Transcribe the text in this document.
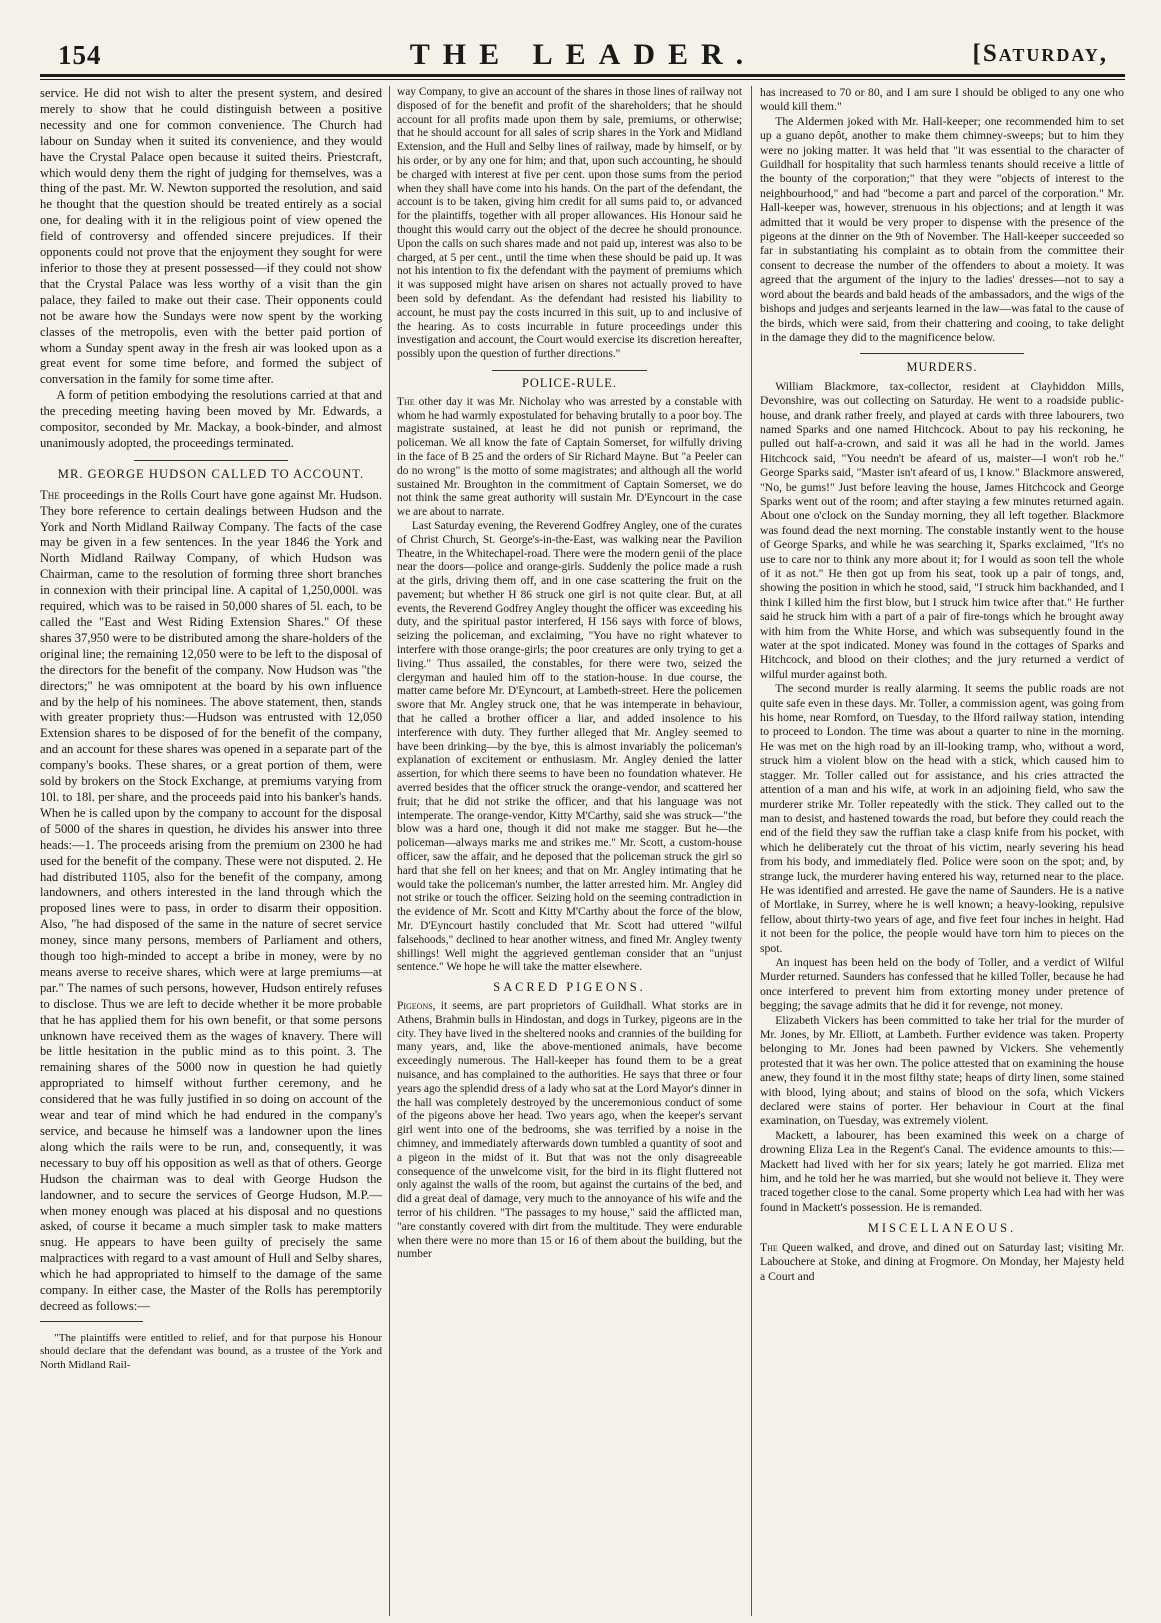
154	THE LEADER.	[Saturday,

service. He did not wish to alter the present system, and desired merely to show that he could distinguish between a positive necessity and one for common convenience. The Church had labour on Sunday when it suited its convenience, and they would have the Crystal Palace open because it suited theirs. Priestcraft, which would deny them the right of judging for themselves, was a thing of the past. Mr. W. Newton supported the resolution, and said he thought that the question should be treated entirely as a social one, for dealing with it in the religious point of view opened the field of controversy and offended sincere prejudices. If their opponents could not prove that the enjoyment they sought for were inferior to those they at present possessed—if they could not show that the Crystal Palace was less worthy of a visit than the gin palace, they failed to make out their case. Their opponents could not be aware how the Sundays were now spent by the working classes of the metropolis, even with the better paid portion of whom a Sunday spent away in the fresh air was looked upon as a great event for some time before, and formed the subject of conversation in the family for some time after.

A form of petition embodying the resolutions carried at that and the preceding meeting having been moved by Mr. Edwards, a compositor, seconded by Mr. Mackay, a book-binder, and almost unanimously adopted, the proceedings terminated.

MR. GEORGE HUDSON CALLED TO ACCOUNT.

The proceedings in the Rolls Court have gone against Mr. Hudson. They bore reference to certain dealings between Hudson and the York and North Midland Railway Company. The facts of the case may be given in a few sentences. In the year 1846 the York and North Midland Railway Company, of which Hudson was Chairman, came to the resolution of forming three short branches in connexion with their principal line. A capital of 1,250,000l. was required, which was to be raised in 50,000 shares of 5l. each, to be called the "East and West Riding Extension Shares." Of these shares 37,950 were to be distributed among the share-holders of the original line; the remaining 12,050 were to be left to the disposal of the directors for the benefit of the company. Now Hudson was "the directors;" he was omnipotent at the board by his own influence and by the help of his nominees. The above statement, then, stands with greater propriety thus:—Hudson was entrusted with 12,050 Extension shares to be disposed of for the benefit of the company, and an account for these shares was opened in a separate part of the company's books. These shares, or a great portion of them, were sold by brokers on the Stock Exchange, at premiums varying from 10l. to 18l. per share, and the proceeds paid into his banker's hands. When he is called upon by the company to account for the disposal of 5000 of the shares in question, he divides his answer into three heads:—1. The proceeds arising from the premium on 2300 he had used for the benefit of the company. These were not disputed. 2. He had distributed 1105, also for the benefit of the company, among landowners, and others interested in the land through which the proposed lines were to pass, in order to disarm their opposition. Also, "he had disposed of the same in the nature of secret service money, since many persons, members of Parliament and others, though too high-minded to accept a bribe in money, were by no means averse to receive shares, which were at large premiums—at par." The names of such persons, however, Hudson entirely refuses to disclose. Thus we are left to decide whether it be more probable that he has applied them for his own benefit, or that some persons unknown have received them as the wages of knavery. There will be little hesitation in the public mind as to this point. 3. The remaining shares of the 5000 now in question he had quietly appropriated to himself without further ceremony, and he considered that he was fully justified in so doing on account of the wear and tear of mind which he had endured in the company's service, and because he himself was a landowner upon the lines along which the rails were to be run, and, consequently, it was necessary to buy off his opposition as well as that of others. George Hudson the chairman was to deal with George Hudson the landowner, and to secure the services of George Hudson, M.P.—when money enough was placed at his disposal and no questions asked, of course it became a much simpler task to make matters snug. He appears to have been guilty of precisely the same malpractices with regard to a vast amount of Hull and Selby shares, which he had appropriated to himself to the damage of the same company. In either case, the Master of the Rolls has peremptorily decreed as follows:—

"The plaintiffs were entitled to relief, and for that purpose his Honour should declare that the defendant was bound, as a trustee of the York and North Midland Rail-

way Company, to give an account of the shares in those lines of railway not disposed of for the benefit and profit of the shareholders; that he should account for all profits made upon them by sale, premiums, or otherwise; that he should account for all sales of scrip shares in the York and Midland Extension, and the Hull and Selby lines of railway, made by himself, or by his order, or by any one for him; and that, upon such accounting, he should be charged with interest at five per cent. upon those sums from the period when they shall have come into his hands. On the part of the defendant, the account is to be taken, giving him credit for all sums paid to, or advanced for the plaintiffs, together with all proper allowances. His Honour said he thought this would carry out the object of the decree he should pronounce. Upon the calls on such shares made and not paid up, interest was also to be charged, at 5 per cent., until the time when these should be paid up. It was not his intention to fix the defendant with the payment of premiums which it was supposed might have arisen on shares not actually proved to have been sold by defendant. As the defendant had resisted his liability to account, he must pay the costs incurred in this suit, up to and inclusive of the hearing. As to costs incurrable in future proceedings under this investigation and account, the Court would exercise its discretion hereafter, possibly upon the question of further directions."

POLICE-RULE.

The other day it was Mr. Nicholay who was arrested by a constable with whom he had warmly expostulated for behaving brutally to a poor boy. The magistrate sustained, at least he did not punish or reprimand, the policeman. We all know the fate of Captain Somerset, for wilfully driving in the face of B 25 and the orders of Sir Richard Mayne. But "a Peeler can do no wrong" is the motto of some magistrates; and although all the world sustained Mr. Broughton in the commitment of Captain Somerset, we do not think the same great authority will sustain Mr. D'Eyncourt in the case we are about to narrate.

Last Saturday evening, the Reverend Godfrey Angley, one of the curates of Christ Church, St. George's-in-the-East, was walking near the Pavilion Theatre, in the Whitechapel-road. There were the modern genii of the place near the doors—police and orange-girls. Suddenly the police made a rush at the girls, driving them off, and in one case scattering the fruit on the pavement; but whether H 86 struck one girl is not quite clear. But, at all events, the Reverend Godfrey Angley thought the officer was exceeding his duty, and the spiritual pastor interfered, H 156 says with force of blows, seizing the policeman, and exclaiming, "You have no right whatever to interfere with those orange-girls; the poor creatures are only trying to get a living." Thus assailed, the constables, for there were two, seized the clergyman and hauled him off to the station-house. In due course, the matter came before Mr. D'Eyncourt, at Lambeth-street. Here the policemen swore that Mr. Angley struck one, that he was intemperate in behaviour, that he called a brother officer a liar, and added insolence to his interference with duty. They further alleged that Mr. Angley seemed to have been drinking—by the bye, this is almost invariably the policeman's explanation of excitement or enthusiasm. Mr. Angley denied the latter assertion, for which there seems to have been no foundation whatever. He averred besides that the officer struck the orange-vendor, and scattered her fruit; that he did not strike the officer, and that his language was not intemperate. The orange-vendor, Kitty M'Carthy, said she was struck—"the blow was a hard one, though it did not make me stagger. But he—the policeman—always marks me and strikes me." Mr. Scott, a custom-house officer, saw the affair, and he deposed that the policeman struck the girl so hard that she fell on her knees; and that on Mr. Angley intimating that he would take the policeman's number, the latter arrested him. Mr. Angley did not strike or touch the officer. Seizing hold on the seeming contradiction in the evidence of Mr. Scott and Kitty M'Carthy about the force of the blow, Mr. D'Eyncourt hastily concluded that Mr. Scott had uttered "wilful falsehoods," declined to hear another witness, and fined Mr. Angley twenty shillings! Well might the aggrieved gentleman consider that an "unjust sentence." We hope he will take the matter elsewhere.

SACRED PIGEONS.

Pigeons, it seems, are part proprietors of Guildhall. What storks are in Athens, Brahmin bulls in Hindostan, and dogs in Turkey, pigeons are in the city. They have lived in the sheltered nooks and crannies of the building for many years, and, like the above-mentioned animals, have become exceedingly numerous. The Hall-keeper has found them to be a great nuisance, and has complained to the authorities. He says that three or four years ago the splendid dress of a lady who sat at the Lord Mayor's dinner in the hall was completely destroyed by the unceremonious conduct of some of the pigeons above her head. Two years ago, when the keeper's servant girl went into one of the bedrooms, she was terrified by a noise in the chimney, and immediately afterwards down tumbled a quantity of soot and a pigeon in the midst of it. But that was not the only disagreeable consequence of the unwelcome visit, for the bird in its flight fluttered not only against the walls of the room, but against the curtains of the bed, and did a great deal of damage, very much to the annoyance of his wife and the terror of his children. "The passages to my house," said the afflicted man, "are constantly covered with dirt from the multitude. They were endurable when there were no more than 15 or 16 of them about the building, but the number

has increased to 70 or 80, and I am sure I should be obliged to any one who would kill them."

The Aldermen joked with Mr. Hall-keeper; one recommended him to set up a guano depôt, another to make them chimney-sweeps; but to him they were no joking matter. It was held that "it was essential to the character of Guildhall for hospitality that such harmless tenants should receive a little of the bounty of the corporation;" that they were "objects of interest to the neighbourhood," and had "become a part and parcel of the corporation." Mr. Hall-keeper was, however, strenuous in his objections; and at length it was admitted that it would be very proper to dispense with the presence of the pigeons at the dinner on the 9th of November. The Hall-keeper succeeded so far in substantiating his complaint as to obtain from the committee their consent to decrease the number of the offenders to about a moiety. It was agreed that the argument of the injury to the ladies' dresses—not to say a word about the beards and bald heads of the ambassadors, and the wigs of the bishops and judges and serjeants learned in the law—was fatal to the cause of the birds, which were said, from their chattering and cooing, to take delight in the damage they did to the magnificence below.

MURDERS.

William Blackmore, tax-collector, resident at Clayhiddon Mills, Devonshire, was out collecting on Saturday. He went to a roadside public-house, and drank rather freely, and played at cards with three labourers, two named Sparks and one named Hitchcock. About to pay his reckoning, he pulled out half-a-crown, and said it was all he had in the world. James Hitchcock said, "You needn't be afeard of us, maister—I won't rob he." George Sparks said, "Master isn't afeard of us, I know." Blackmore answered, "No, be gums!" Just before leaving the house, James Hitchcock and George Sparks went out of the room; and after staying a few minutes returned again. About one o'clock on the Sunday morning, they all left together. Blackmore was found dead the next morning. The constable instantly went to the house of George Sparks, and while he was searching it, Sparks exclaimed, "It's no use to care nor to think any more about it; for I would as soon tell the whole of it as not." He then got up from his seat, took up a pair of tongs, and, showing the position in which he stood, said, "I struck him backhanded, and I think I killed him the first blow, but I struck him twice after that." He further said he struck him with a part of a pair of fire-tongs which he brought away with him from the White Horse, and which was subsequently found in the water at the spot indicated. Money was found in the cottages of Sparks and Hitchcock, and blood on their clothes; and the jury returned a verdict of wilful murder against both.

The second murder is really alarming. It seems the public roads are not quite safe even in these days. Mr. Toller, a commission agent, was going from his home, near Romford, on Tuesday, to the Ilford railway station, intending to proceed to London. The time was about a quarter to nine in the morning. He was met on the high road by an ill-looking tramp, who, without a word, struck him a violent blow on the head with a stick, which caused him to stagger. Mr. Toller called out for assistance, and his cries attracted the attention of a man and his wife, at work in an adjoining field, who saw the murderer strike Mr. Toller repeatedly with the stick. They called out to the man to desist, and hastened towards the road, but before they could reach the end of the field they saw the ruffian take a clasp knife from his pocket, with which he deliberately cut the throat of his victim, nearly severing his head from his body, and immediately fled. Police were soon on the spot; and, by strange luck, the murderer having entered his way, returned near to the place. He was identified and arrested. He gave the name of Saunders. He is a native of Mortlake, in Surrey, where he is well known; a heavy-looking, repulsive fellow, about thirty-two years of age, and five feet four inches in height. Had it not been for the police, the people would have torn him to pieces on the spot.

An inquest has been held on the body of Toller, and a verdict of Wilful Murder returned. Saunders has confessed that he killed Toller, because he had once interfered to prevent him from extorting money under pretence of begging; the savage admits that he did it for revenge, not money.

Elizabeth Vickers has been committed to take her trial for the murder of Mr. Jones, by Mr. Elliott, at Lambeth. Further evidence was taken. Property belonging to Mr. Jones had been pawned by Vickers. She vehemently protested that it was her own. The police attested that on examining the house anew, they found it in the most filthy state; heaps of dirty linen, some stained with blood, lying about; and stains of blood on the sofa, which Vickers declared were stains of porter. Her behaviour in Court at the final examination, on Tuesday, was extremely violent.

Mackett, a labourer, has been examined this week on a charge of drowning Eliza Lea in the Regent's Canal. The evidence amounts to this:—Mackett had lived with her for six years; lately he got married. Eliza met him, and he told her he was married, but she would not believe it. They were traced together close to the canal. Some property which Lea had with her was found in Mackett's possession. He is remanded.

MISCELLANEOUS.

The Queen walked, and drove, and dined out on Saturday last; visiting Mr. Labouchere at Stoke, and dining at Frogmore. On Monday, her Majesty held a Court and
